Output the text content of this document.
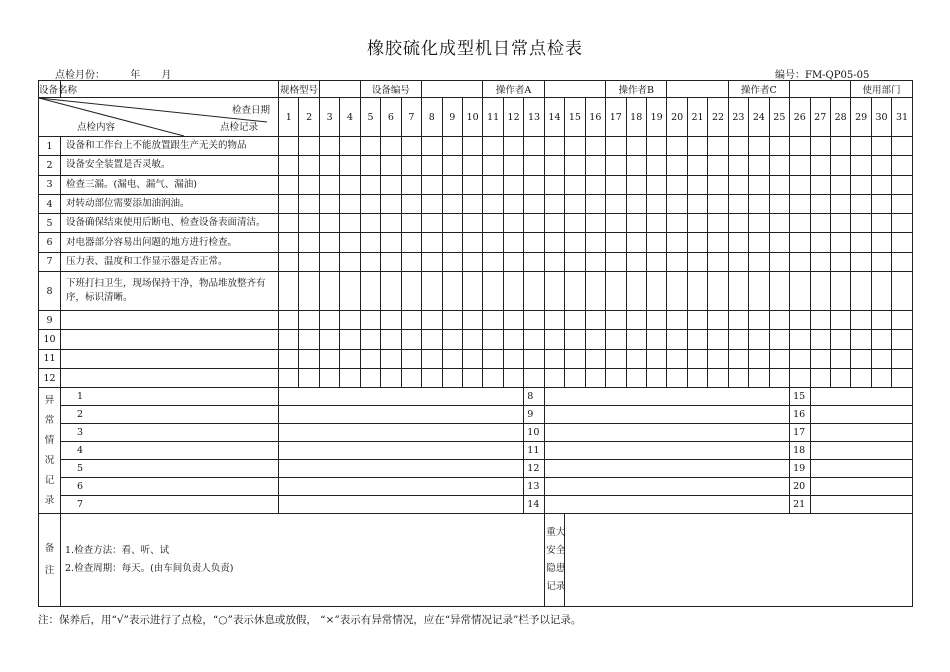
橡胶硫化成型机日常点检表
点检月份：	年 月	编号：FM-QP05-05
设备名称		规格型号				设备编号						操作者A						操作者B						操作者C						使用部门		

检查日期
点检内容 点检记录		1	2	3	4	5	6	7	8	9	10	11	12	13	14	15	16	17	18	19	20	21	22	23	24	25	26	27	28	29	30	31
1	设备和工作台上不能放置跟生产无关的物品																															
2	设备安全装置是否灵敏。																															
3	检查三漏。(漏电、漏气、漏油)																															
4	对转动部位需要添加油润油。																															
5	设备确保结束使用后断电、检查设备表面清洁。																															
6	对电器部分容易出问题的地方进行检查。																															
7	压力表、温度和工作显示器是否正常。																															
8	下班打扫卫生，现场保持干净，物品堆放整齐有序，标识清晰。																															
9																																
10																																
11																																
12																																

异常情况记录	1													8													15					
	2													9													16					
	3													10													17					
	4													11													18					
	5													12													19					
	6													13													20					
	7													14													21					

备注	1.检查方法：看、听、试
2.检查周期：每天。(由车间负责人负责)														重大安全隐患记录																	

注：保养后，用“√”表示进行了点检，“○”表示休息或放假， “×”表示有异常情况，应在“异常情况记录”栏予以记录。
